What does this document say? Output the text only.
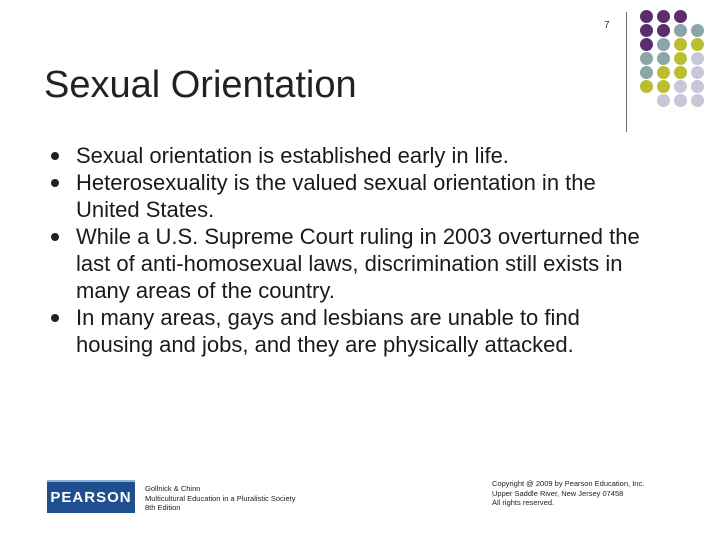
7
Sexual Orientation
Sexual orientation is established early in life.
Heterosexuality is the valued sexual orientation in the United States.
While a U.S. Supreme Court ruling in 2003 overturned the last of anti-homosexual laws, discrimination still exists in many areas of the country.
In many areas, gays and lesbians are unable to find housing and jobs, and they are physically attacked.
PEARSON
Gollnick & Chinn
Multicultural Education in a Pluralistic Society
8th Edition
Copyright @ 2009 by Pearson Education, Inc.
Upper Saddle River, New Jersey 07458
All rights reserved.
